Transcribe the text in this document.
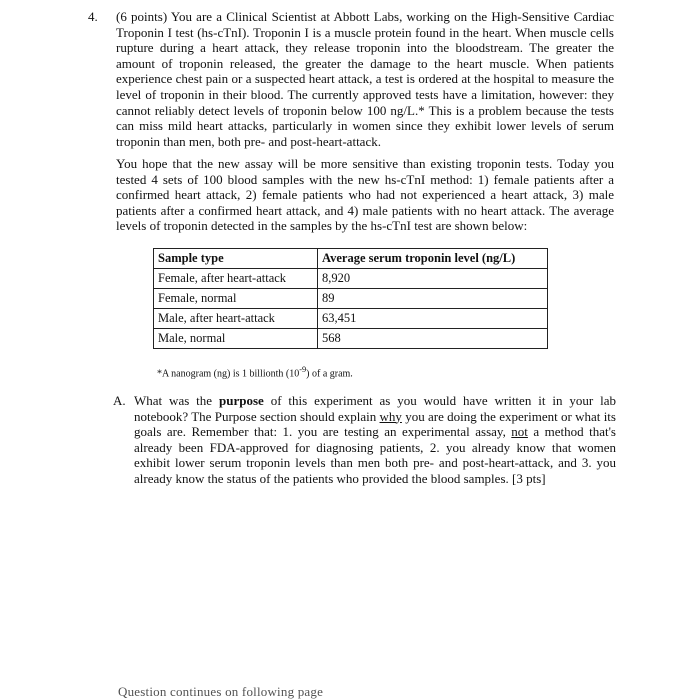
4. (6 points) You are a Clinical Scientist at Abbott Labs, working on the High-Sensitive Cardiac Troponin I test (hs-cTnI). Troponin I is a muscle protein found in the heart. When muscle cells rupture during a heart attack, they release troponin into the bloodstream. The greater the amount of troponin released, the greater the damage to the heart muscle. When patients experience chest pain or a suspected heart attack, a test is ordered at the hospital to measure the level of troponin in their blood. The currently approved tests have a limitation, however: they cannot reliably detect levels of troponin below 100 ng/L.* This is a problem because the tests can miss mild heart attacks, particularly in women since they exhibit lower levels of serum troponin than men, both pre- and post-heart-attack.

You hope that the new assay will be more sensitive than existing troponin tests. Today you tested 4 sets of 100 blood samples with the new hs-cTnI method: 1) female patients after a confirmed heart attack, 2) female patients who had not experienced a heart attack, 3) male patients after a confirmed heart attack, and 4) male patients with no heart attack. The average levels of troponin detected in the samples by the hs-cTnI test are shown below:

Sample type	Average serum troponin level (ng/L)
Female, after heart-attack	8,920
Female, normal	89
Male, after heart-attack	63,451
Male, normal	568
*A nanogram (ng) is 1 billionth $(10^{-9})$ of a gram.
A. What was the purpose of this experiment as you would have written it in your lab notebook? The Purpose section should explain why you are doing the experiment or what its goals are. Remember that: 1. you are testing an experimental assay, not a method that's already been FDA-approved for diagnosing patients, 2. you already know that women exhibit lower serum troponin levels than men both pre- and post-heart-attack, and 3. you already know the status of the patients who provided the blood samples. [3 pts]
Question continues on following page
